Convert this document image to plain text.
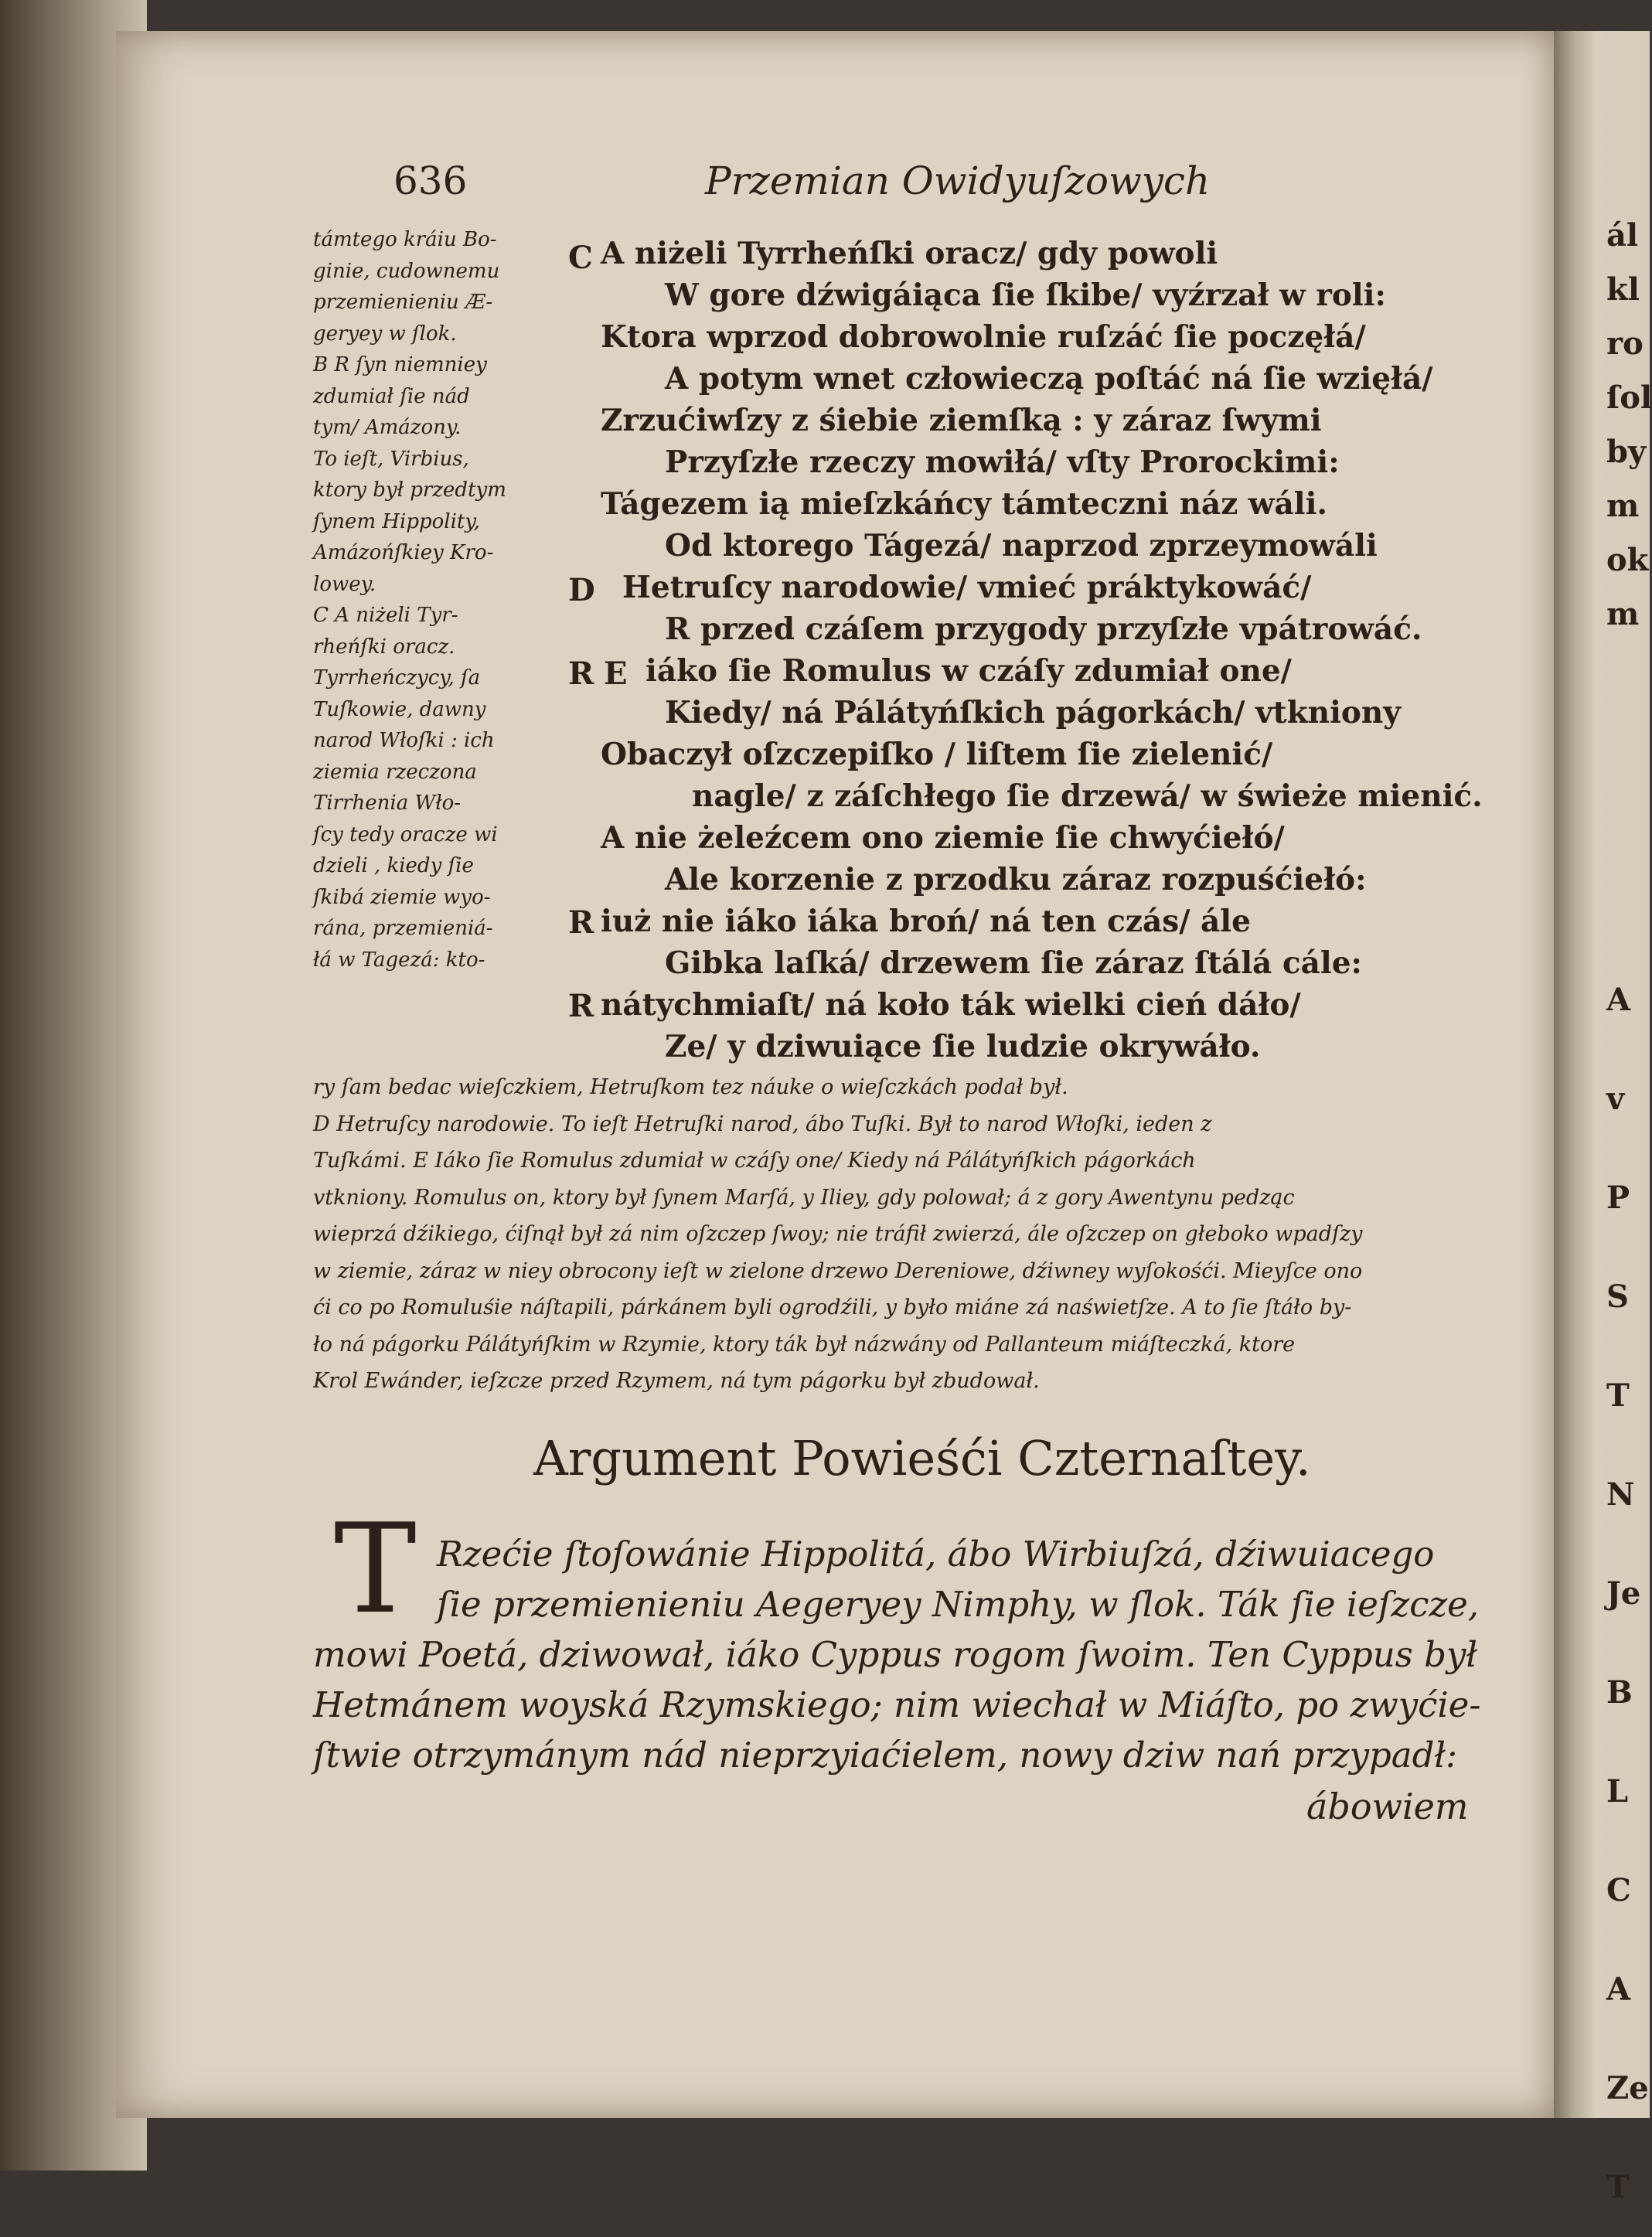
ál
kl
ro
ſol
by
m
ok
m
A
v
P
S
T
N
Je
B
L
C
A
Ze
T
636	Przemian Owidyuſzowych
támtego kráiu Bo-
ginie, cudownemu
przemienieniu Æ-
geryey w ſlok.
B R ſyn niemniey
zdumiał ſie nád
tym/ Amázony.
To ieſt, Virbius,
ktory był przedtym
ſynem Hippolity,
Amázońſkiey Kro-
lowey.
C A niżeli Tyr-
rheńſki oracz.
Tyrrheńczycy, ſa
Tuſkowie, dawny
narod Włoſki : ich
ziemia rzeczona
Tirrhenia Wło-
ſcy tedy oracze wi
dzieli , kiedy ſie
ſkibá ziemie wyo-
rána, przemieniá-
łá w Tagezá: kto-
C
D
R E
R
R
A niżeli Tyrrheńſki oracz/ gdy powoli
W gore dźwigáiąca ſie ſkibe/ vyźrzał w roli:
Ktora wprzod dobrowolnie ruſzáć ſie poczęłá/
A potym wnet człowieczą poſtáć ná ſie wzięłá/
Zrzućiwſzy z śiebie ziemſką : y záraz ſwymi
Przyſzłe rzeczy mowiłá/ vſty Prorockimi:
Tágezem ią mieſzkáńcy támteczni náz wáli.
Od ktorego Tágezá/ naprzod zprzeymowáli
Hetruſcy narodowie/ vmieć práktykowáć/
R przed czáſem przygody przyſzłe vpátrowáć.
iáko ſie Romulus w czáſy zdumiał one/
Kiedy/ ná Pálátyńſkich págorkách/ vtkniony
Obaczył oſzczepiſko / liſtem ſie zielenić/
nagle/ z záſchłego ſie drzewá/ w świeże mienić.
A nie żeleźcem ono ziemie ſie chwyćiełó/
Ale korzenie z przodku záraz rozpuśćiełó:
iuż nie iáko iáka broń/ ná ten czás/ ále
Gibka laſká/ drzewem ſie záraz ſtálá cále:
nátychmiaſt/ ná koło ták wielki cień dáło/
Ze/ y dziwuiące ſie ludzie okrywáło.
ry ſam bedac wieſczkiem, Hetruſkom tez náuke o wieſczkách podał był.
D Hetruſcy narodowie. To ieſt Hetruſki narod, ábo Tuſki. Był to narod Włoſki, ieden z
Tuſkámi. E Iáko ſie Romulus zdumiał w czáſy one/ Kiedy ná Pálátyńſkich págorkách
vtkniony. Romulus on, ktory był ſynem Marſá, y Iliey, gdy polował; á z gory Awentynu pedząc
wieprzá dźikiego, ćiſnął był zá nim oſzczep ſwoy; nie tráfił zwierzá, ále oſzczep on głeboko wpadſzy
w ziemie, záraz w niey obrocony ieſt w zielone drzewo Dereniowe, dźiwney wyſokośći. Mieyſce ono
ći co po Romuluśie náſtapili, párkánem byli ogrodźili, y było miáne zá naświetſze. A to ſie ſtáło by-
ło ná págorku Pálátyńſkim w Rzymie, ktory ták był názwány od Pallanteum miáſteczká, ktore
Krol Ewánder, ieſzcze przed Rzymem, ná tym págorku był zbudował.
Argument Powieśći Czternaſtey.
T Rzećie ſtoſowánie Hippolitá, ábo Wirbiuſzá, dźiwuiacego
ſie przemienieniu Aegeryey Nimphy, w ſlok. Ták ſie ieſzcze,
mowi Poetá, dziwował, iáko Cyppus rogom ſwoim. Ten Cyppus był
Hetmánem woyská Rzymskiego; nim wiechał w Miáſto, po zwyćie-
ſtwie otrzymánym nád nieprzyiaćielem, nowy dziw nań przypadł:
ábowiem
